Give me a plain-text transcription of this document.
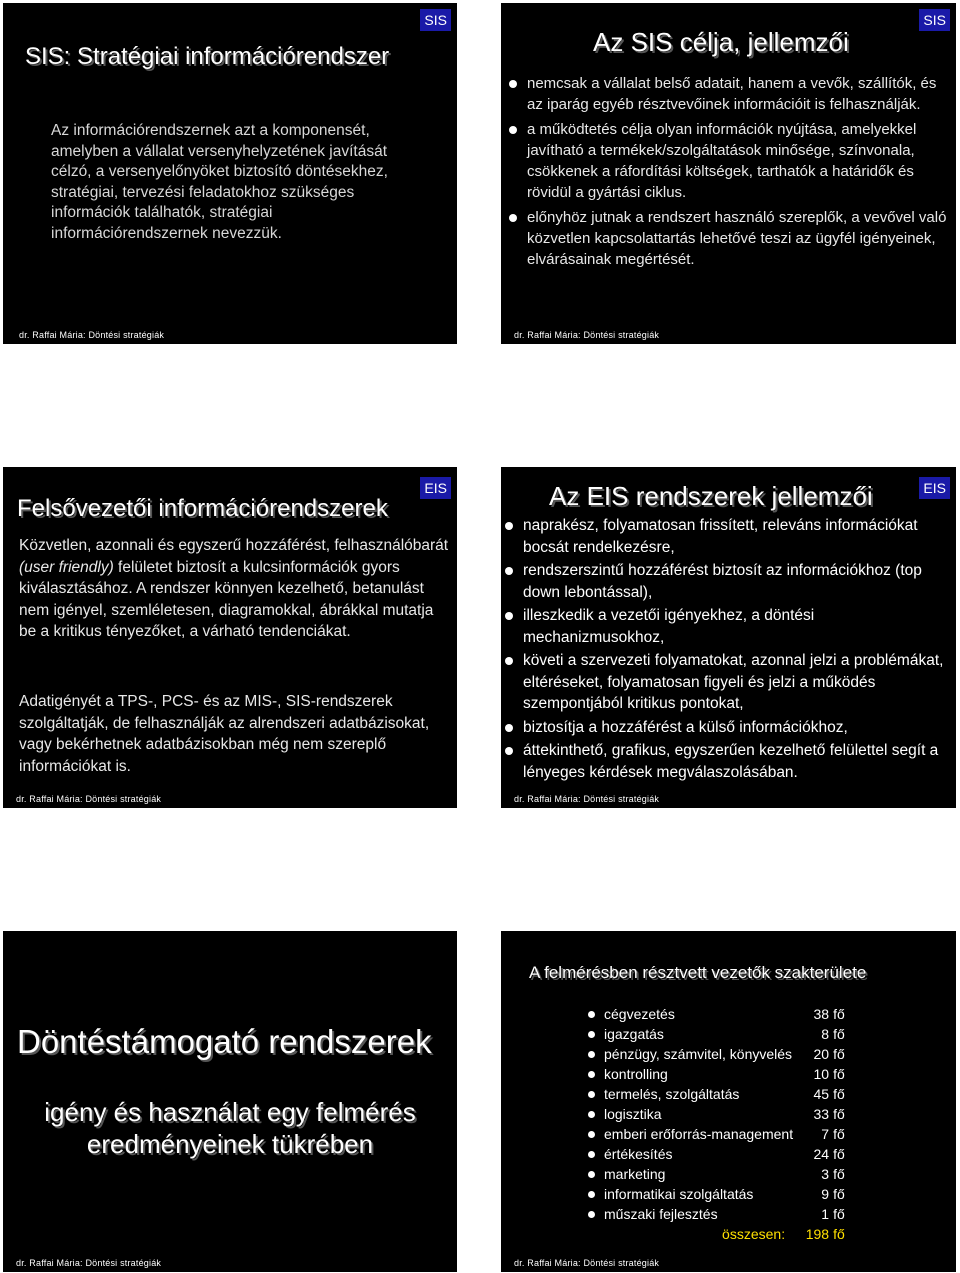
SIS
SIS: Stratégiai információrendszer
Az információrendszernek azt a komponensét, amelyben a vállalat versenyhelyzetének javítását célzó, a versenyelőnyöket biztosító döntésekhez, stratégiai, tervezési feladatokhoz szükséges információk találhatók, stratégiai információrendszernek nevezzük.
dr. Raffai Mária: Döntési stratégiák
SIS
Az SIS célja, jellemzői
nemcsak a vállalat belső adatait, hanem a vevők, szállítók, és az iparág egyéb résztvevőinek információit is felhasználják.
a működtetés célja olyan információk nyújtása, amelyekkel javítható a termékek/szolgáltatások minősége, színvonala, csökkenek a ráfordítási költségek, tarthatók a határidők és rövidül a gyártási ciklus.
előnyhöz jutnak a rendszert használó szereplők, a vevővel való közvetlen kapcsolattartás lehetővé teszi az ügyfél igényeinek, elvárásainak megértését.
dr. Raffai Mária: Döntési stratégiák
EIS
Felsővezetői információrendszerek
Közvetlen, azonnali és egyszerű hozzáférést, felhasználóbarát (user friendly) felületet biztosít a kulcsinformációk gyors kiválasztásához. A rendszer könnyen kezelhető, betanulást nem igényel, szemléletesen, diagramokkal, ábrákkal mutatja be a kritikus tényezőket, a várható tendenciákat.
Adatigényét a TPS-, PCS- és az MIS-, SIS-rendszerek szolgáltatják, de felhasználják az alrendszeri adatbázisokat, vagy bekérhetnek adatbázisokban még nem szereplő információkat is.
dr. Raffai Mária: Döntési stratégiák
EIS
Az EIS rendszerek jellemzői
naprakész, folyamatosan frissített, releváns információkat bocsát rendelkezésre,
rendszerszintű hozzáférést biztosít az információkhoz (top down lebontással),
illeszkedik a vezetői igényekhez, a döntési mechanizmusokhoz,
követi a szervezeti folyamatokat, azonnal jelzi a problémákat, eltéréseket, folyamatosan figyeli és jelzi a működés szempontjából kritikus pontokat,
biztosítja a hozzáférést a külső információkhoz,
áttekinthető, grafikus, egyszerűen kezelhető felülettel segít a lényeges kérdések megválaszolásában.
dr. Raffai Mária: Döntési stratégiák
Döntéstámogató rendszerek
igény és használat egy felmérés
eredményeinek tükrében
dr. Raffai Mária: Döntési stratégiák
A felmérésben résztvett vezetők szakterülete
dr. Raffai Mária: Döntési stratégiák
cégvezetés	38	fő

igazgatás	8	fő

pénzügy, számvitel, könyvelés	20	fő

kontrolling	10	fő

termelés, szolgáltatás	45	fő

logisztika	33	fő

emberi erőforrás-management	7	fő

értékesítés	24	fő

marketing	3	fő

informatikai szolgáltatás	9	fő

műszaki fejlesztés	1	fő
összesen:	198	fő
